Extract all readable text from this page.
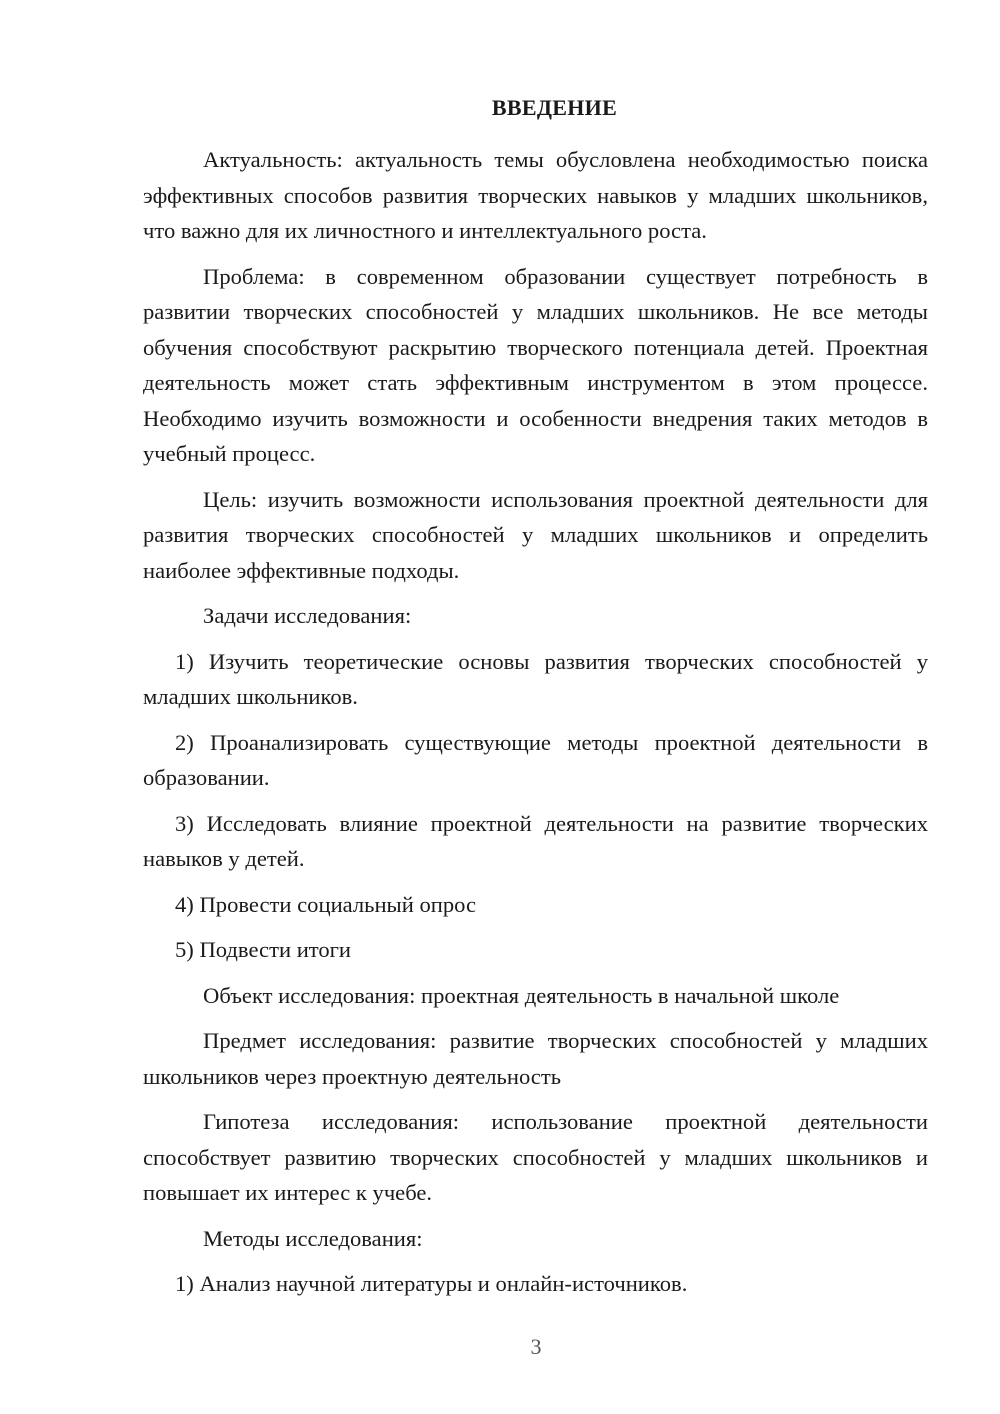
ВВЕДЕНИЕ

Актуальность: актуальность темы обусловлена необходимостью поиска эффективных способов развития творческих навыков у младших школьников, что важно для их личностного и интеллектуального роста.

Проблема: в современном образовании существует потребность в развитии творческих способностей у младших школьников. Не все методы обучения способствуют раскрытию творческого потенциала детей. Проектная деятельность может стать эффективным инструментом в этом процессе. Необходимо изучить возможности и особенности внедрения таких методов в учебный процесс.

Цель: изучить возможности использования проектной деятельности для развития творческих способностей у младших школьников и определить наиболее эффективные подходы.

Задачи исследования:

1) Изучить теоретические основы развития творческих способностей у младших школьников.

2) Проанализировать существующие методы проектной деятельности в образовании.

3) Исследовать влияние проектной деятельности на развитие творческих навыков у детей.

4) Провести социальный опрос

5) Подвести итоги

Объект исследования: проектная деятельность в начальной школе

Предмет исследования: развитие творческих способностей у младших школьников через проектную деятельность

Гипотеза исследования: использование проектной деятельности способствует развитию творческих способностей у младших школьников и повышает их интерес к учебе.

Методы исследования:

1) Анализ научной литературы и онлайн-источников.

3
